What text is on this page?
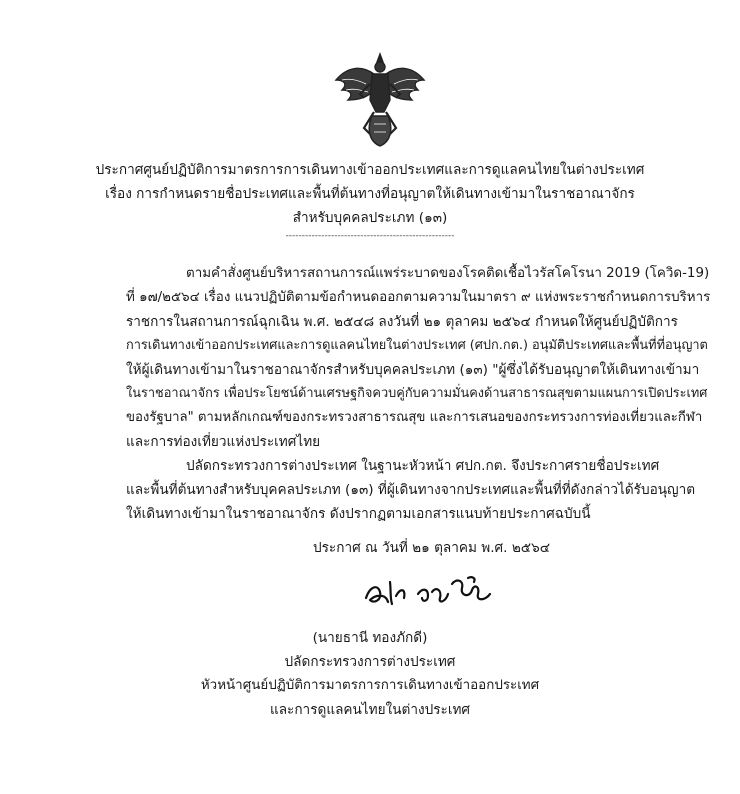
ประกาศศูนย์ปฏิบัติการมาตรการการเดินทางเข้าออกประเทศและการดูแลคนไทยในต่างประเทศ
เรื่อง การกำหนดรายชื่อประเทศและพื้นที่ต้นทางที่อนุญาตให้เดินทางเข้ามาในราชอาณาจักร
สำหรับบุคคลประเภท (๑๓)
----------------------------------------------------
ตามคำสั่งศูนย์บริหารสถานการณ์แพร่ระบาดของโรคติดเชื้อไวรัสโคโรนา 2019 (โควิด-19)
ที่ ๑๗/๒๕๖๔ เรื่อง แนวปฏิบัติตามข้อกำหนดออกตามความในมาตรา ๙ แห่งพระราชกำหนดการบริหาร
ราชการในสถานการณ์ฉุกเฉิน พ.ศ. ๒๕๔๘ ลงวันที่ ๒๑ ตุลาคม ๒๕๖๔ กำหนดให้ศูนย์ปฏิบัติการ
การเดินทางเข้าออกประเทศและการดูแลคนไทยในต่างประเทศ (ศปก.กต.) อนุมัติประเทศและพื้นที่ที่อนุญาต
ให้ผู้เดินทางเข้ามาในราชอาณาจักรสำหรับบุคคลประเภท (๑๓) "ผู้ซึ่งได้รับอนุญาตให้เดินทางเข้ามา
ในราชอาณาจักร เพื่อประโยชน์ด้านเศรษฐกิจควบคู่กับความมั่นคงด้านสาธารณสุขตามแผนการเปิดประเทศ
ของรัฐบาล" ตามหลักเกณฑ์ของกระทรวงสาธารณสุข และการเสนอของกระทรวงการท่องเที่ยวและกีฬา
และการท่องเที่ยวแห่งประเทศไทย
ปลัดกระทรวงการต่างประเทศ ในฐานะหัวหน้า ศปก.กต. จึงประกาศรายชื่อประเทศ
และพื้นที่ต้นทางสำหรับบุคคลประเภท (๑๓) ที่ผู้เดินทางจากประเทศและพื้นที่ที่ดังกล่าวได้รับอนุญาต
ให้เดินทางเข้ามาในราชอาณาจักร ดังปรากฏตามเอกสารแนบท้ายประกาศฉบับนี้
ประกาศ ณ วันที่ ๒๑ ตุลาคม พ.ศ. ๒๕๖๔
(นายธานี ทองภักดี)
ปลัดกระทรวงการต่างประเทศ
หัวหน้าศูนย์ปฏิบัติการมาตรการการเดินทางเข้าออกประเทศ
และการดูแลคนไทยในต่างประเทศ
